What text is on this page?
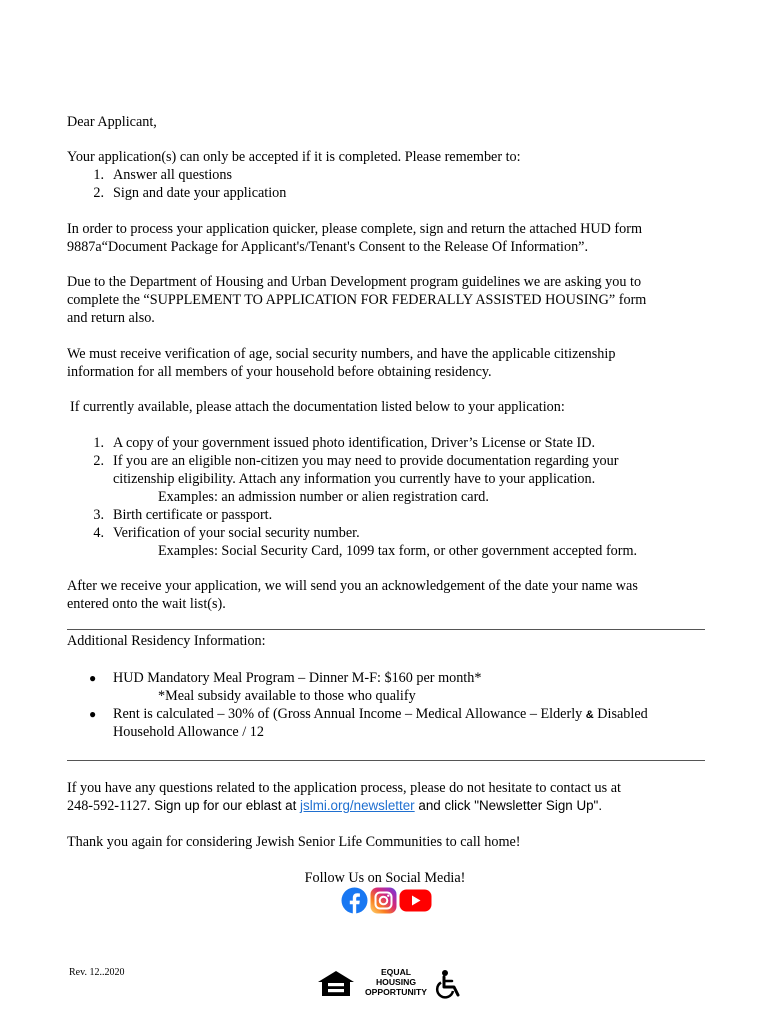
Dear Applicant,
Your application(s) can only be accepted if it is completed. Please remember to:
1. Answer all questions
2. Sign and date your application
In order to process your application quicker, please complete, sign and return the attached HUD form
9887a“Document Package for Applicant's/Tenant's Consent to the Release Of Information”.
Due to the Department of Housing and Urban Development program guidelines we are asking you to
complete the “SUPPLEMENT TO APPLICATION FOR FEDERALLY ASSISTED HOUSING” form
and return also.
We must receive verification of age, social security numbers, and have the applicable citizenship
information for all members of your household before obtaining residency.
If currently available, please attach the documentation listed below to your application:
1. A copy of your government issued photo identification, Driver’s License or State ID.
2. If you are an eligible non-citizen you may need to provide documentation regarding your
citizenship eligibility. Attach any information you currently have to your application.
Examples: an admission number or alien registration card.
3. Birth certificate or passport.
4. Verification of your social security number.
Examples: Social Security Card, 1099 tax form, or other government accepted form.
After we receive your application, we will send you an acknowledgement of the date your name was
entered onto the wait list(s).
Additional Residency Information:
● HUD Mandatory Meal Program – Dinner M-F: $160 per month*
*Meal subsidy available to those who qualify
● Rent is calculated – 30% of (Gross Annual Income – Medical Allowance – Elderly & Disabled
Household Allowance / 12
If you have any questions related to the application process, please do not hesitate to contact us at
248-592-1127. Sign up for our eblast at jslmi.org/newsletter and click "Newsletter Sign Up".
Thank you again for considering Jewish Senior Life Communities to call home!
Follow Us on Social Media!
Rev. 12..2020	EQUAL
HOUSING
OPPORTUNITY
